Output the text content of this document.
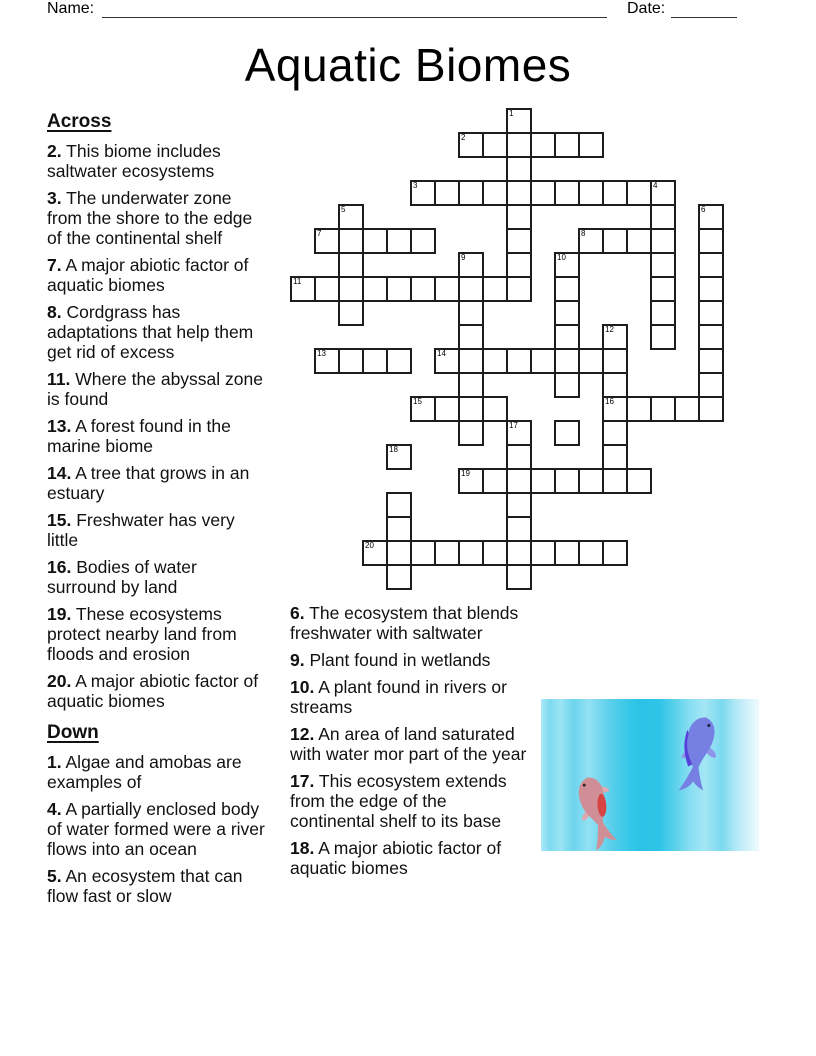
Name:	Date:
Aquatic Biomes
Across

2. This biome includes saltwater ecosystems

3. The underwater zone from the shore to the edge of the continental shelf

7. A major abiotic factor of aquatic biomes

8. Cordgrass has adaptations that help them get rid of excess

11. Where the abyssal zone is found

13. A forest found in the marine biome

14. A tree that grows in an estuary

15. Freshwater has very little

16. Bodies of water surround by land

19. These ecosystems protect nearby land from floods and erosion

20. A major abiotic factor of aquatic biomes

Down

1. Algae and amobas are examples of

4. A partially enclosed body of water formed were a river flows into an ocean

5. An ecosystem that can flow fast or slow

6. The ecosystem that blends freshwater with saltwater

9. Plant found in wetlands

10. A plant found in rivers or streams

12. An area of land saturated with water mor part of the year

17. This ecosystem extends from the edge of the continental shelf to its base

18. A major abiotic factor of aquatic biomes

1
2
3	4
5	6
7	8
9	10
11
12
13	14
15	16
17
18
19
20
